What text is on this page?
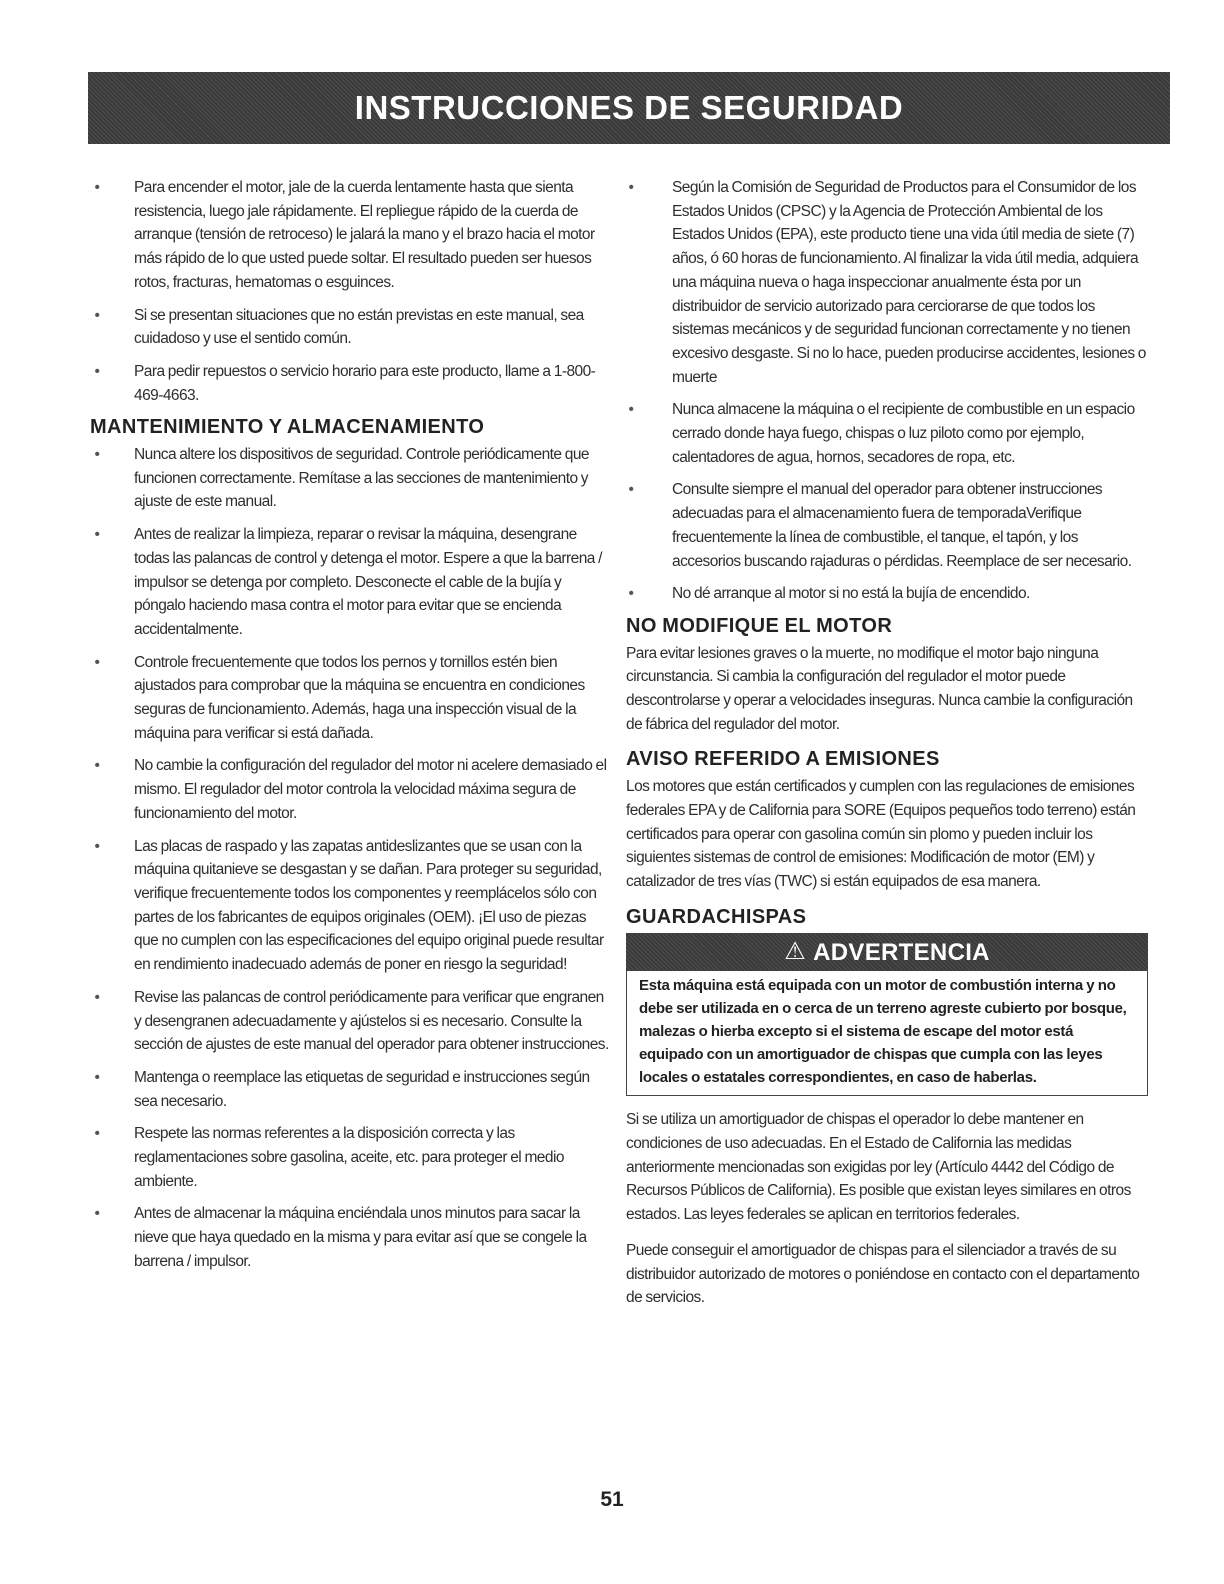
INSTRUCCIONES DE SEGURIDAD
• Para encender el motor, jale de la cuerda lentamente hasta que sienta resistencia, luego jale rápidamente. El repliegue rápido de la cuerda de arranque (tensión de retroceso) le jalará la mano y el brazo hacia el motor más rápido de lo que usted puede soltar. El resultado pueden ser huesos rotos, fracturas, hematomas o esguinces.
• Si se presentan situaciones que no están previstas en este manual, sea cuidadoso y use el sentido común.
• Para pedir repuestos o servicio horario para este producto, llame a 1-800-469-4663.
MANTENIMIENTO Y ALMACENAMIENTO
• Nunca altere los dispositivos de seguridad. Controle periódicamente que funcionen correctamente. Remítase a las secciones de mantenimiento y ajuste de este manual.
• Antes de realizar la limpieza, reparar o revisar la máquina, desengrane todas las palancas de control y detenga el motor. Espere a que la barrena / impulsor se detenga por completo. Desconecte el cable de la bujía y póngalo haciendo masa contra el motor para evitar que se encienda accidentalmente.
• Controle frecuentemente que todos los pernos y tornillos estén bien ajustados para comprobar que la máquina se encuentra en condiciones seguras de funcionamiento. Además, haga una inspección visual de la máquina para verificar si está dañada.
• No cambie la configuración del regulador del motor ni acelere demasiado el mismo. El regulador del motor controla la velocidad máxima segura de funcionamiento del motor.
• Las placas de raspado y las zapatas antideslizantes que se usan con la máquina quitanieve se desgastan y se dañan. Para proteger su seguridad, verifique frecuentemente todos los componentes y reemplácelos sólo con partes de los fabricantes de equipos originales (OEM). ¡El uso de piezas que no cumplen con las especificaciones del equipo original puede resultar en rendimiento inadecuado además de poner en riesgo la seguridad!
• Revise las palancas de control periódicamente para verificar que engranen y desengranen adecuadamente y ajústelos si es necesario. Consulte la sección de ajustes de este manual del operador para obtener instrucciones.
• Mantenga o reemplace las etiquetas de seguridad e instrucciones según sea necesario.
• Respete las normas referentes a la disposición correcta y las reglamentaciones sobre gasolina, aceite, etc. para proteger el medio ambiente.
• Antes de almacenar la máquina enciéndala unos minutos para sacar la nieve que haya quedado en la misma y para evitar así que se congele la barrena / impulsor.
• Según la Comisión de Seguridad de Productos para el Consumidor de los Estados Unidos (CPSC) y la Agencia de Protección Ambiental de los Estados Unidos (EPA), este producto tiene una vida útil media de siete (7) años, ó 60 horas de funcionamiento. Al finalizar la vida útil media, adquiera una máquina nueva o haga inspeccionar anualmente ésta por un distribuidor de servicio autorizado para cerciorarse de que todos los sistemas mecánicos y de seguridad funcionan correctamente y no tienen excesivo desgaste. Si no lo hace, pueden producirse accidentes, lesiones o muerte
• Nunca almacene la máquina o el recipiente de combustible en un espacio cerrado donde haya fuego, chispas o luz piloto como por ejemplo, calentadores de agua, hornos, secadores de ropa, etc.
• Consulte siempre el manual del operador para obtener instrucciones adecuadas para el almacenamiento fuera de temporadaVerifique frecuentemente la línea de combustible, el tanque, el tapón, y los accesorios buscando rajaduras o pérdidas. Reemplace de ser necesario.
• No dé arranque al motor si no está la bujía de encendido.
NO MODIFIQUE EL MOTOR

Para evitar lesiones graves o la muerte, no modifique el motor bajo ninguna circunstancia. Si cambia la configuración del regulador el motor puede descontrolarse y operar a velocidades inseguras. Nunca cambie la configuración de fábrica del regulador del motor.

AVISO REFERIDO A EMISIONES

Los motores que están certificados y cumplen con las regulaciones de emisiones federales EPA y de California para SORE (Equipos pequeños todo terreno) están certificados para operar con gasolina común sin plomo y pueden incluir los siguientes sistemas de control de emisiones: Modificación de motor (EM) y catalizador de tres vías (TWC) si están equipados de esa manera.

GUARDACHISPAS
⚠ ADVERTENCIA
Esta máquina está equipada con un motor de combustión interna y no debe ser utilizada en o cerca de un terreno agreste cubierto por bosque, malezas o hierba excepto si el sistema de escape del motor está equipado con un amortiguador de chispas que cumpla con las leyes locales o estatales correspondientes, en caso de haberlas.

Si se utiliza un amortiguador de chispas el operador lo debe mantener en condiciones de uso adecuadas. En el Estado de California las medidas anteriormente mencionadas son exigidas por ley (Artículo 4442 del Código de Recursos Públicos de California). Es posible que existan leyes similares en otros estados. Las leyes federales se aplican en territorios federales.

Puede conseguir el amortiguador de chispas para el silenciador a través de su distribuidor autorizado de motores o poniéndose en contacto con el departamento de servicios.

51
